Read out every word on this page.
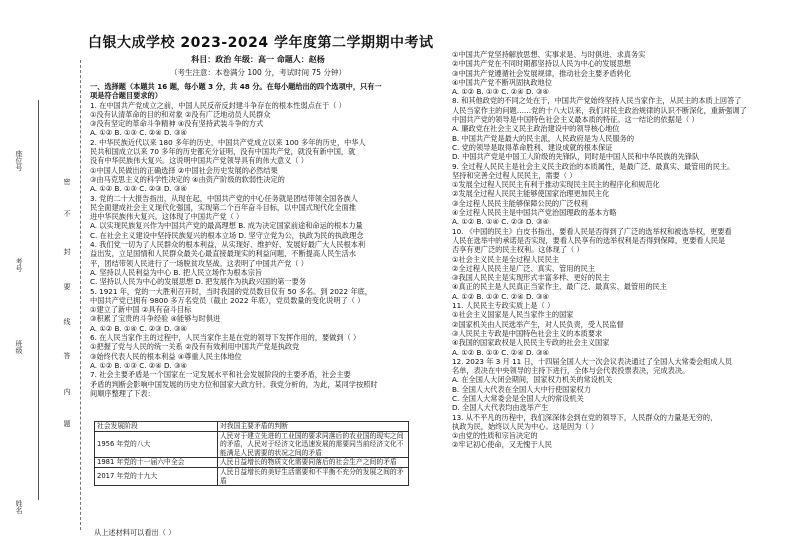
座位号
密
封
线
内
不
要
答
题
考号
班级
姓名
白银大成学校 2023-2024 学年度第二学期期中考试
科目：政治 年级：高一 命题人：赵杨
（考生注意：本卷满分 100 分，考试时间 75 分钟）
一、选择题（本题共 16 题，每小题 3 分，共 48 分。在每小题给出的四个选项中，只有一
项是符合题目要求的）
1. 在中国共产党成立之前，中国人民反帝反封建斗争存在的根本性弱点在于（ ）
①没有认清革命的目的和对象 ②没有广泛地动员人民群众
③没有坚定的革命斗争精神 ④没有坚持武装斗争的方式
A. ①② B. ①③ C. ②④ D. ③④
2. 中华民族近代以来 180 多年的历史，中国共产党成立以来 100 多年的历史，中华人
民共和国成立以来 70 多年的历史都充分证明，没有中国共产党，就没有新中国，就
没有中华民族伟大复兴。这说明中国共产党领导具有的伟大意义（ ）
①中国人民做出的正确选择 ②中国社会历史发展的必然结果
③由马克思主义的科学性决定的 ④由资产阶级的软弱性决定的
A. ①② B. ①③ C. ②③ D. ③④
3. 党的二十大报告指出，从现在起，中国共产党的中心任务就是团结带领全国各族人
民全面建成社会主义现代化强国，实现第二个百年奋斗目标，以中国式现代化全面推
进中华民族伟大复兴。这体现了中国共产党（ ）
A. 以实现民族复兴作为中国共产党的最高理想 B. 成为决定国家前途和命运的根本力量
C. 在社会主义建设中坚持民族复兴的根本立场 D. 坚守立党为公，执政为民的执政理念
4. 我们党一切为了人民群众的根本利益，从实现好、维护好、发展好最广大人民根本利
益出发，立足国情和人民群众最关心最直接最现实的利益问题，不断提高人民生活水
平，团结带领人民进行了一场脱贫攻坚战。这表明了中国共产党（ ）
A. 坚持以人民利益为中心 B. 把人民立场作为根本宗旨
C. 坚持以人民为中心的发展思想 D. 把发展作为执政兴国的第一要务
5. 1921 年，党的一大胜利召开时，当时我国的党员数目仅有 50 多名。到 2022 年底，
中国共产党已拥有 9800 多万名党员（截止 2022 年底），党员数量的变化说明了（ ）
①建立了新中国 ②具有奋斗目标
③积累了宝贵的斗争经验 ④能够与时俱进
A. ①② B. ①④ C. ②③ D. ③④
6. 在人民当家作主的过程中，人民当家作主是在党的领导下发挥作用的，要做到（ ）
①把握了党与人民的统一关系 ②没有有效利用中国共产党是执政党
③始终代表人民的根本利益 ④尊重人民主体地位
A. ①② B. ①③ C. ②④ D. ③④
7. 社会主要矛盾是一个国家在一定发展水平和社会发展阶段的主要矛盾，社会主要
矛盾的判断会影响中国发展的历史方位和国家大政方针。我党分析的，为此，某同学按照时
间顺序整理了下表：
社会发展阶段	对我国主要矛盾的判断
1956 年党的八大	人民对于建立先进的工业国的要求同落后的农业国的现实之间的矛盾，人民对于经济文化迅速发展的需要同当前经济文化不能满足人民需要的状况之间的矛盾
1981 年党的十一届六中全会	人民日益增长的物质文化需要同落后的社会生产之间的矛盾
2017 年党的十九大	人民日益增长的美好生活需要和不平衡不充分的发展之间的矛盾
从上述材料可以看出（ ）
①中国共产党坚持解放思想、实事求是、与时俱进、求真务实
②中国共产党在不同时期都坚持以人民为中心的发展思想
③中国共产党遵循社会发展规律，推动社会主要矛盾转化
④中国共产党不断巩固执政地位
A. ①② B. ①③ C. ②④ D. ③④
8. 和其他政党的不同之处在于，中国共产党始终坚持人民当家作主，从民主的本质上回答了
人民当家作主的问题……党的十八大以来，我们对民主政治规律的认识不断深化，重新强调了
中国共产党的领导是中国特色社会主义最本质的特征。这一结论的依据是（ ）
A. 廉政党在社会主义民主政治建设中的领导核心地位
B. 中国共产党是最大的民主派，人民政府是为人民服务的
C. 党的领导是取得革命胜利、建设成就的根本保证
D. 中国共产党是中国工人阶级的先锋队，同时是中国人民和中华民族的先锋队
9. 全过程人民民主是社会主义民主政治的本质属性，是最广泛、最真实、最管用的民主。
坚持和完善全过程人民民主，需要（ ）
①发展全过程人民民主有利于推动实现民主民主的程序化和规范化
②发展全过程人民民主能够使国家治理更加民主化
③全过程人民民主能够保障公民的广泛权利
④全过程人民民主是中国共产党治国理政的基本方略
A. ①② B. ①④ C. ②③ D. ③④
10. 《中国的民主》白皮书指出，要看人民是否得到了广泛的选举权和被选举权，更要看
人民在选举中的承诺是否实现，要看人民享有的选举权利是否得到保障，更要看人民是
否享有更广泛的民主权利。这体现了（ ）
①社会主义民主是全过程人民民主
②全过程人民民主是广泛、真实、管用的民主
③我国人民民主是实现形式丰富多样、更好的民主
④真正的民主是人民真正当家作主、最广泛、最真实、最管用的民主
A. ①② B. ①③ C. ②④ D. ③④
11. 人民民主专政实质上是（ ）
①社会主义国家是人民当家作主的国家
②国家机关由人民选举产生，对人民负责，受人民监督
③人民民主专政是中国特色社会主义的本质要求
④我国的国家政权是人民民主专政的社会主义国家
A. ①② B. ①③ C. ②④ D. ③④
12. 2023 年 3 月 11 日，十四届全国人大一次会议表决通过了全国人大常委会组成人员
名单，表决在中央领导的主持下进行，全体与会代表投票表决，完成表决。
A. 在全国人大闭会期间，国家权力机关的常设机关
B. 全国人大代表在全国人大中行使国家权力
C. 全国人大常委会是全国人大的常设机关
D. 全国人大代表均由选举产生
13. 从不平凡的历程中，我们深深体会到在党的领导下，人民群众的力量是无穷的，
执政为民，始终以人民为中心。这是因为（ ）
①由党的性质和宗旨决定的
②牢记初心使命，又无愧于人民
